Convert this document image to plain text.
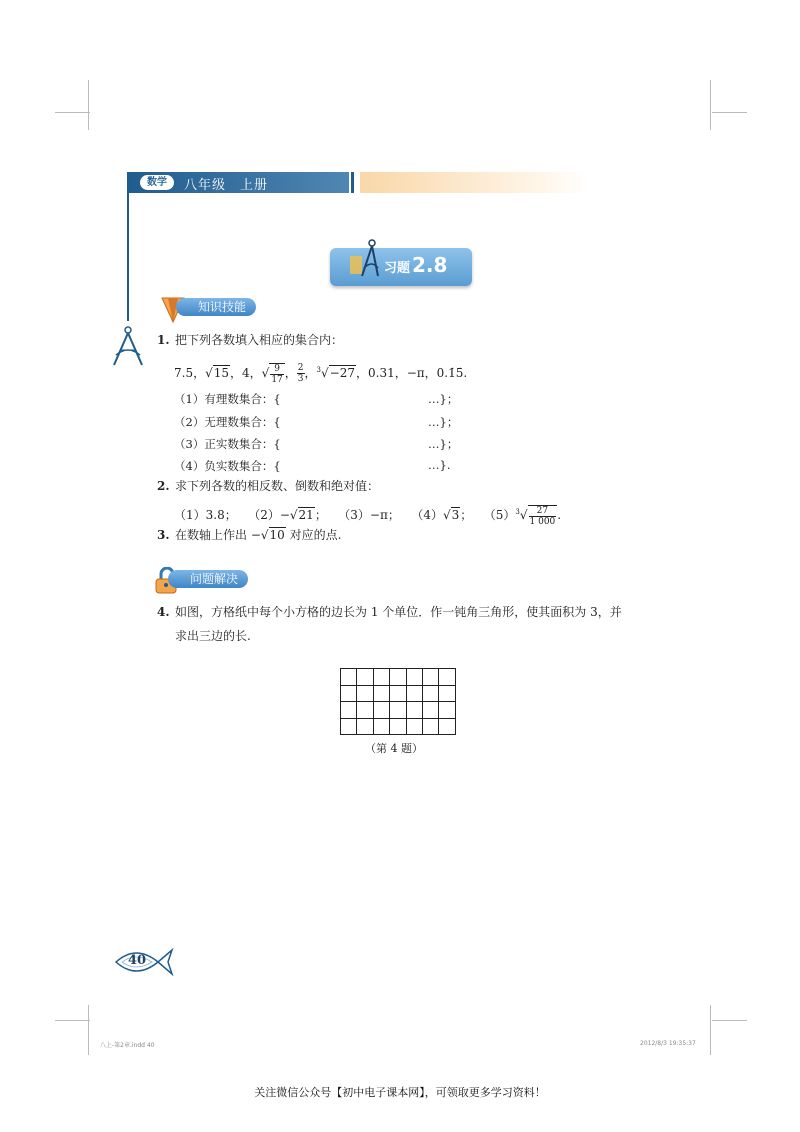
数学	八年级　上册
习题 2.8
知识技能
1. 把下列各数填入相应的集合内：
7.5，√15，4，√ $\frac{9}{17}$ ， $\frac{2}{3}$ ，$^3$√−27，0.31，−π，0.1̇5̇.
（1）有理数集合：{	…}；
（2）无理数集合：{	…}；
（3）正实数集合：{	…}；
（4）负实数集合：{	…}.
2. 求下列各数的相反数、倒数和绝对值：
（1）3.8； （2）−√21； （3）−π； （4）√3； $(5)^3√ \frac{27}{1 000}$ .
3. 在数轴上作出 −√10 对应的点.
问题解决
4. 如图，方格纸中每个小方格的边长为 1 个单位．作一钝角三角形，使其面积为 3，并
求出三边的长.

（第 4 题）
40
八上-第2章.indd 40	2012/8/3 19:35:37
关注微信公众号【初中电子课本网】，可领取更多学习资料！
